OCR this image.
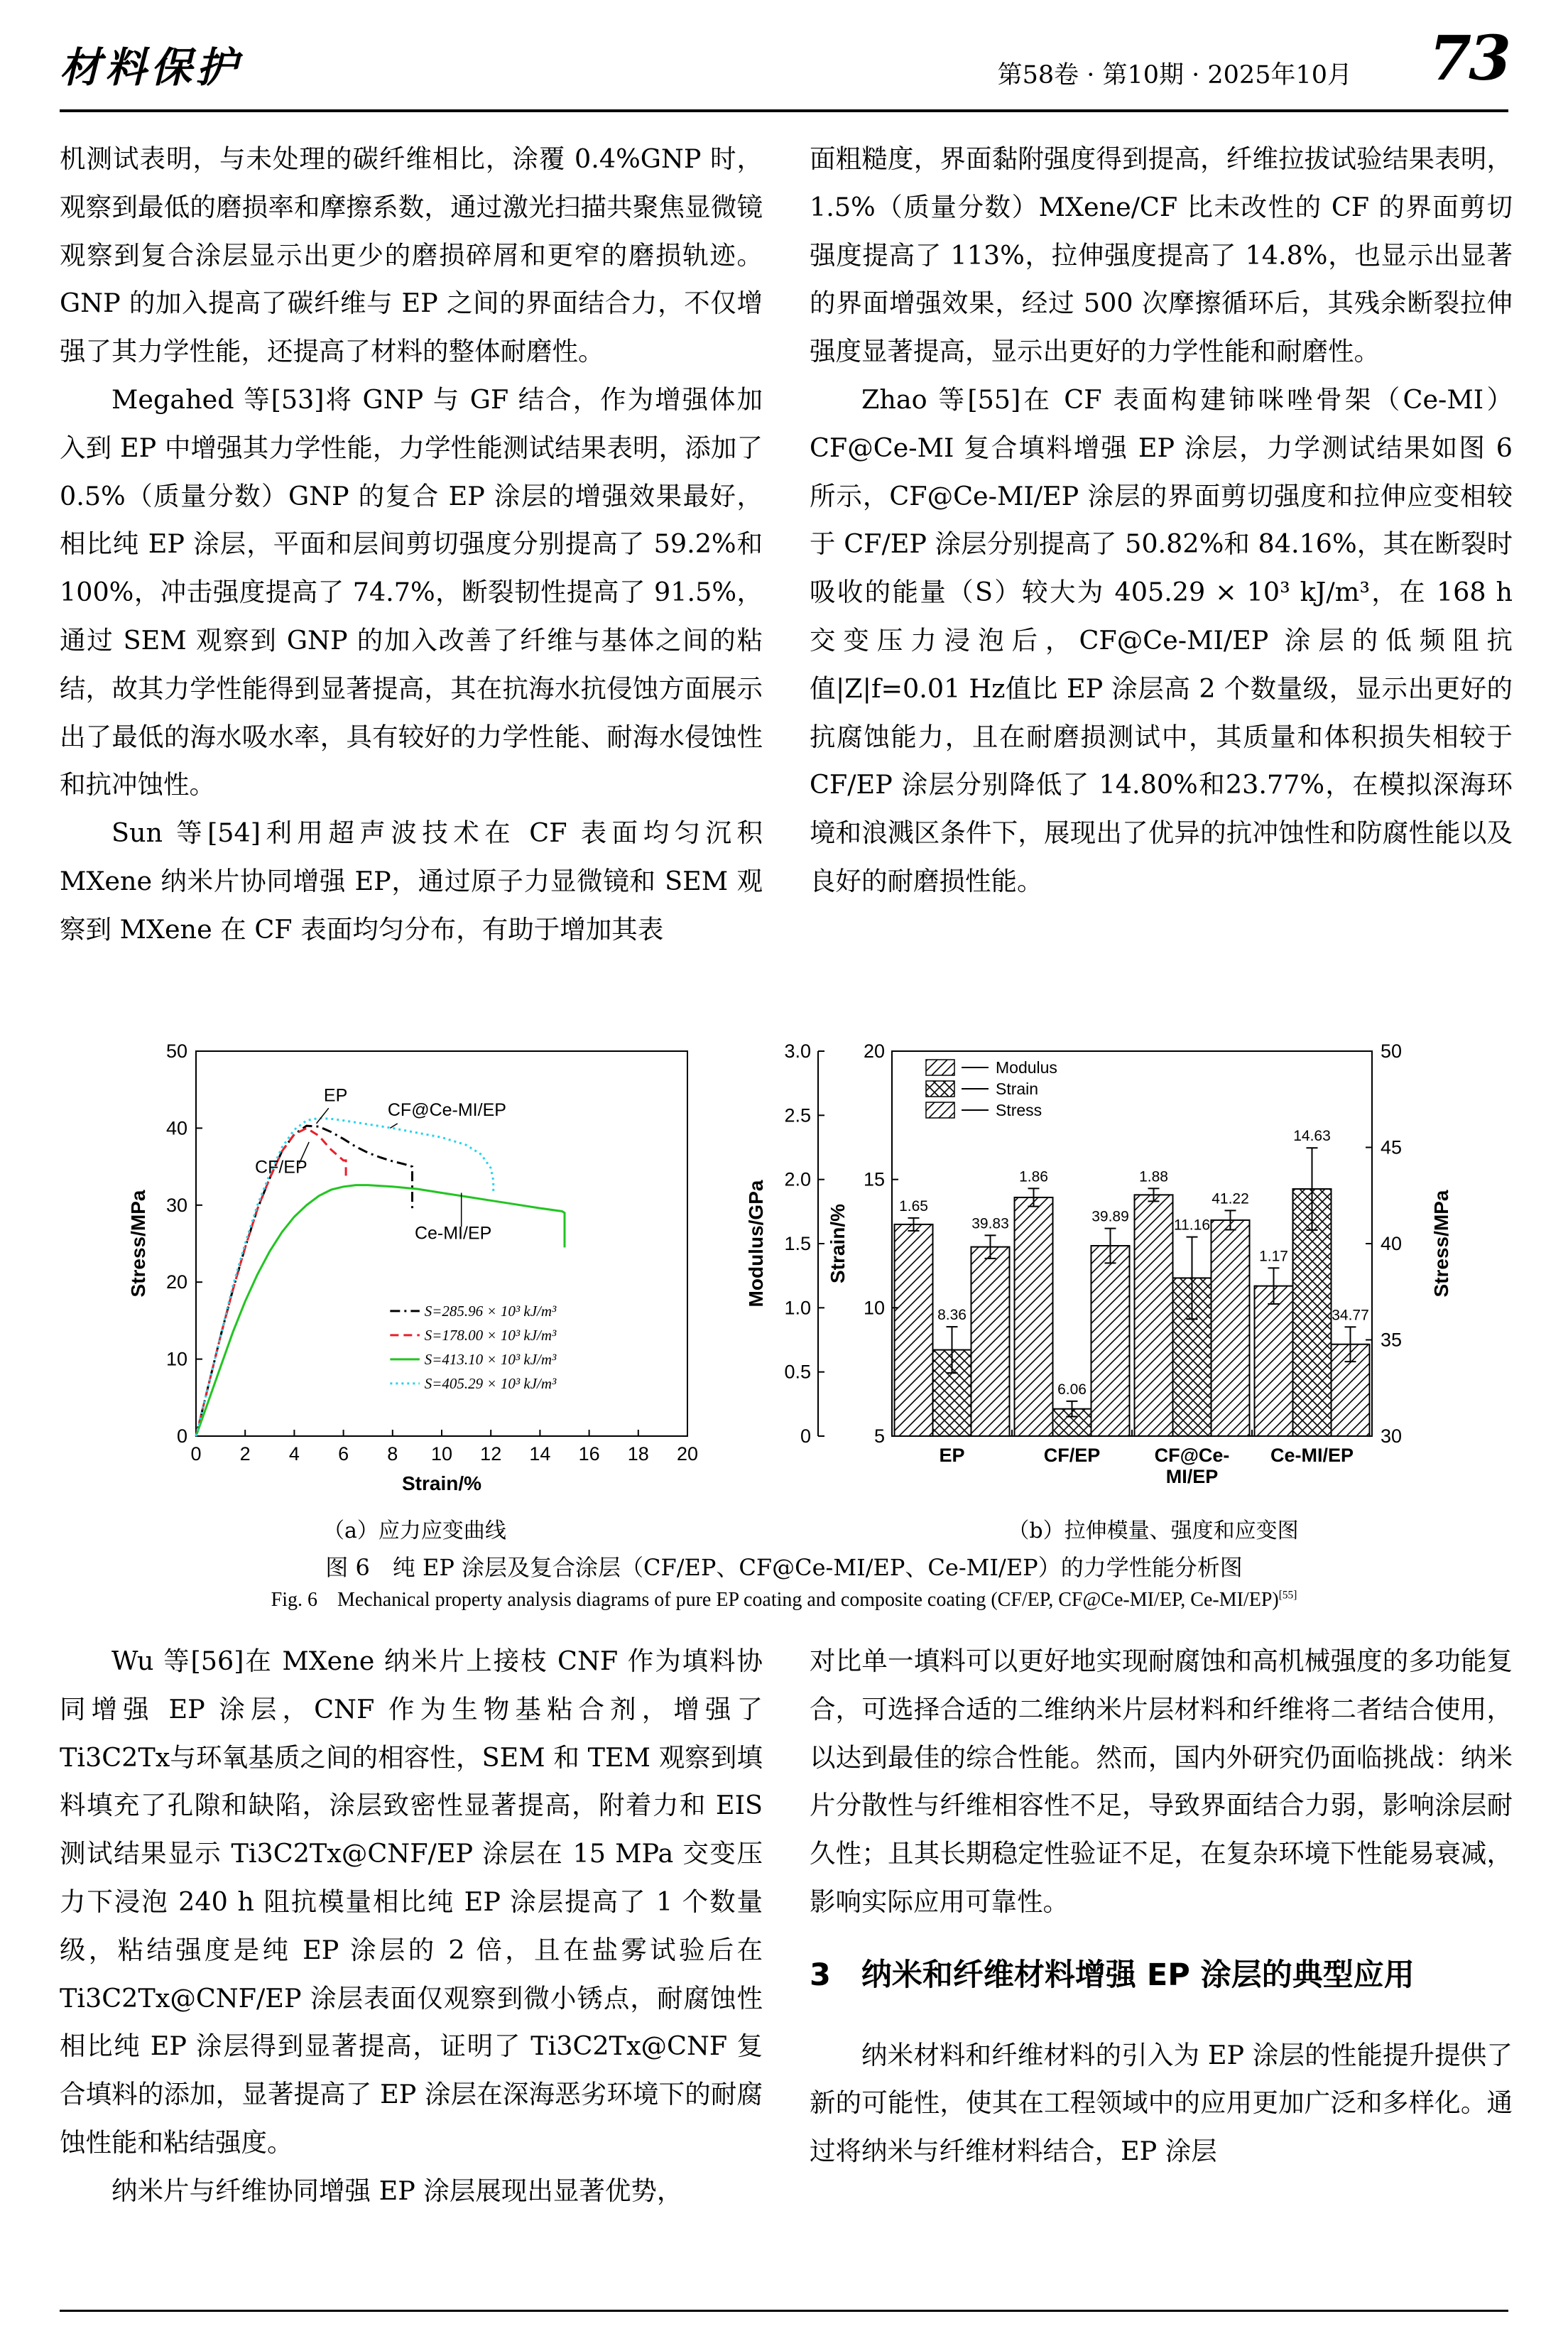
材料保护	第58卷 · 第10期 · 2025年10月 73

机测试表明，与未处理的碳纤维相比，涂覆 0.4%GNP 时，观察到最低的磨损率和摩擦系数，通过激光扫描共聚焦显微镜观察到复合涂层显示出更少的磨损碎屑和更窄的磨损轨迹。GNP 的加入提高了碳纤维与 EP 之间的界面结合力，不仅增强了其力学性能，还提高了材料的整体耐磨性。

Megahed 等[53]将 GNP 与 GF 结合，作为增强体加入到 EP 中增强其力学性能，力学性能测试结果表明，添加了 0.5%（质量分数）GNP 的复合 EP 涂层的增强效果最好，相比纯 EP 涂层，平面和层间剪切强度分别提高了 59.2%和 100%，冲击强度提高了 74.7%，断裂韧性提高了 91.5%，通过 SEM 观察到 GNP 的加入改善了纤维与基体之间的粘结，故其力学性能得到显著提高，其在抗海水抗侵蚀方面展示出了最低的海水吸水率，具有较好的力学性能、耐海水侵蚀性和抗冲蚀性。

Sun 等[54]利用超声波技术在 CF 表面均匀沉积 MXene 纳米片协同增强 EP，通过原子力显微镜和 SEM 观察到 MXene 在 CF 表面均匀分布，有助于增加其表

面粗糙度，界面黏附强度得到提高，纤维拉拔试验结果表明，1.5%（质量分数）MXene/CF 比未改性的 CF 的界面剪切强度提高了 113%，拉伸强度提高了 14.8%，也显示出显著的界面增强效果，经过 500 次摩擦循环后，其残余断裂拉伸强度显著提高，显示出更好的力学性能和耐磨性。

Zhao 等[55]在 CF 表面构建铈咪唑骨架（Ce-MI）CF@Ce-MI 复合填料增强 EP 涂层，力学测试结果如图 6 所示，CF@Ce-MI/EP 涂层的界面剪切强度和拉伸应变相较于 CF/EP 涂层分别提高了 50.82%和 84.16%，其在断裂时吸收的能量（S）较大为 405.29 × 10³ kJ/m³，在 168 h 交变压力浸泡后，CF@Ce-MI/EP 涂层的低频阻抗值|Z|f=0.01 Hz值比 EP 涂层高 2 个数量级，显示出更好的抗腐蚀能力，且在耐磨损测试中，其质量和体积损失相较于 CF/EP 涂层分别降低了 14.80%和23.77%，在模拟深海环境和浪溅区条件下，展现出了优异的抗冲蚀性和防腐性能以及良好的耐磨损性能。

0 2 4 6 8 10 12 14 16 18 20
0
10
20
30
40
50
Strain/%
Stress/MPa
EP
CF/EP
CF@Ce-MI/EP
Ce-MI/EP
S=285.96 × 10³ kJ/m³
S=178.00 × 10³ kJ/m³
S=413.10 × 10³ kJ/m³
S=405.29 × 10³ kJ/m³
0
0.5
1.0
1.5
2.0
2.5
3.0
Modulus/GPa
5
10
15
20
Strain/%
30
35
40
45
50
Stress/MPa
EP
1.65
8.36
39.83
CF/EP
1.86
6.06
39.89
CF@Ce-
MI/EP
1.88
11.16
41.22
Ce-MI/EP
1.17
14.63
34.77
Modulus
Strain
Stress
（a）应力应变曲线	（b）拉伸模量、强度和应变图
图 6　纯 EP 涂层及复合涂层（CF/EP、CF@Ce-MI/EP、Ce-MI/EP）的力学性能分析图
Fig. 6　Mechanical property analysis diagrams of pure EP coating and composite coating (CF/EP, CF@Ce-MI/EP, Ce-MI/EP)[55]

Wu 等[56]在 MXene 纳米片上接枝 CNF 作为填料协同增强 EP 涂层，CNF 作为生物基粘合剂，增强了 Ti3C2Tx与环氧基质之间的相容性，SEM 和 TEM 观察到填料填充了孔隙和缺陷，涂层致密性显著提高，附着力和 EIS 测试结果显示 Ti3C2Tx@CNF/EP 涂层在 15 MPa 交变压力下浸泡 240 h 阻抗模量相比纯 EP 涂层提高了 1 个数量级，粘结强度是纯 EP 涂层的 2 倍，且在盐雾试验后在 Ti3C2Tx@CNF/EP 涂层表面仅观察到微小锈点，耐腐蚀性相比纯 EP 涂层得到显著提高，证明了 Ti3C2Tx@CNF 复合填料的添加，显著提高了 EP 涂层在深海恶劣环境下的耐腐蚀性能和粘结强度。

纳米片与纤维协同增强 EP 涂层展现出显著优势，

对比单一填料可以更好地实现耐腐蚀和高机械强度的多功能复合，可选择合适的二维纳米片层材料和纤维将二者结合使用，以达到最佳的综合性能。然而，国内外研究仍面临挑战：纳米片分散性与纤维相容性不足，导致界面结合力弱，影响涂层耐久性；且其长期稳定性验证不足，在复杂环境下性能易衰减，影响实际应用可靠性。

3　纳米和纤维材料增强 EP 涂层的典型应用

纳米材料和纤维材料的引入为 EP 涂层的性能提升提供了新的可能性，使其在工程领域中的应用更加广泛和多样化。通过将纳米与纤维材料结合，EP 涂层
